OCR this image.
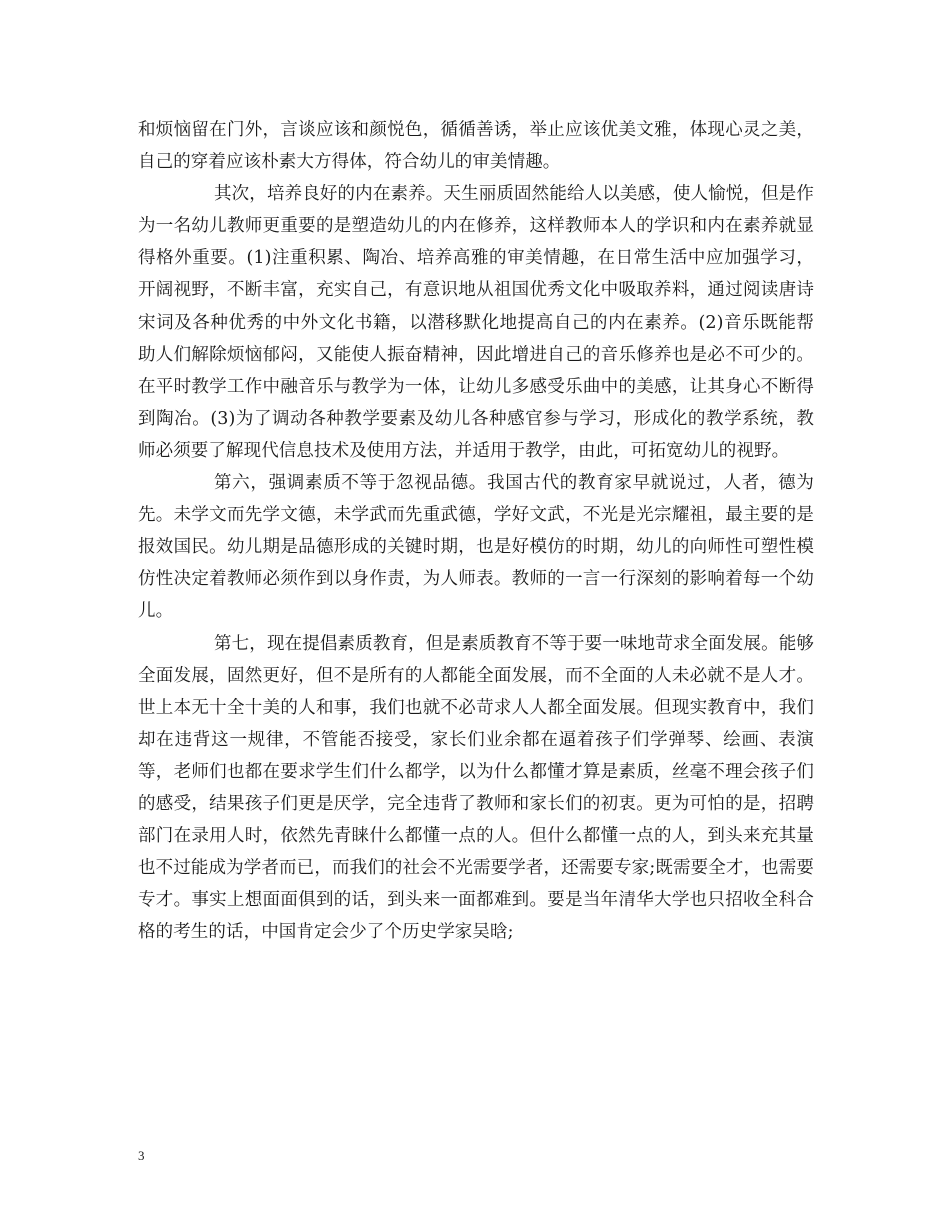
和烦恼留在门外，言谈应该和颜悦色，循循善诱，举止应该优美文雅，体现心灵之美，自己的穿着应该朴素大方得体，符合幼儿的审美情趣。

其次，培养良好的内在素养。天生丽质固然能给人以美感，使人愉悦，但是作为一名幼儿教师更重要的是塑造幼儿的内在修养，这样教师本人的学识和内在素养就显得格外重要。(1)注重积累、陶冶、培养高雅的审美情趣，在日常生活中应加强学习，开阔视野，不断丰富，充实自己，有意识地从祖国优秀文化中吸取养料，通过阅读唐诗宋词及各种优秀的中外文化书籍，以潜移默化地提高自己的内在素养。(2)音乐既能帮助人们解除烦恼郁闷，又能使人振奋精神，因此增进自己的音乐修养也是必不可少的。在平时教学工作中融音乐与教学为一体，让幼儿多感受乐曲中的美感，让其身心不断得到陶冶。(3)为了调动各种教学要素及幼儿各种感官参与学习，形成化的教学系统，教师必须要了解现代信息技术及使用方法，并适用于教学，由此，可拓宽幼儿的视野。

第六，强调素质不等于忽视品德。我国古代的教育家早就说过，人者，德为先。未学文而先学文德，未学武而先重武德，学好文武，不光是光宗耀祖，最主要的是报效国民。幼儿期是品德形成的关键时期，也是好模仿的时期，幼儿的向师性可塑性模仿性决定着教师必须作到以身作责，为人师表。教师的一言一行深刻的影响着每一个幼儿。

第七，现在提倡素质教育，但是素质教育不等于要一味地苛求全面发展。能够全面发展，固然更好，但不是所有的人都能全面发展，而不全面的人未必就不是人才。世上本无十全十美的人和事，我们也就不必苛求人人都全面发展。但现实教育中，我们却在违背这一规律，不管能否接受，家长们业余都在逼着孩子们学弹琴、绘画、表演等，老师们也都在要求学生们什么都学，以为什么都懂才算是素质，丝毫不理会孩子们的感受，结果孩子们更是厌学，完全违背了教师和家长们的初衷。更为可怕的是，招聘部门在录用人时，依然先青睐什么都懂一点的人。但什么都懂一点的人，到头来充其量也不过能成为学者而已，而我们的社会不光需要学者，还需要专家;既需要全才，也需要专才。事实上想面面俱到的话，到头来一面都难到。要是当年清华大学也只招收全科合格的考生的话，中国肯定会少了个历史学家吴晗;

3
